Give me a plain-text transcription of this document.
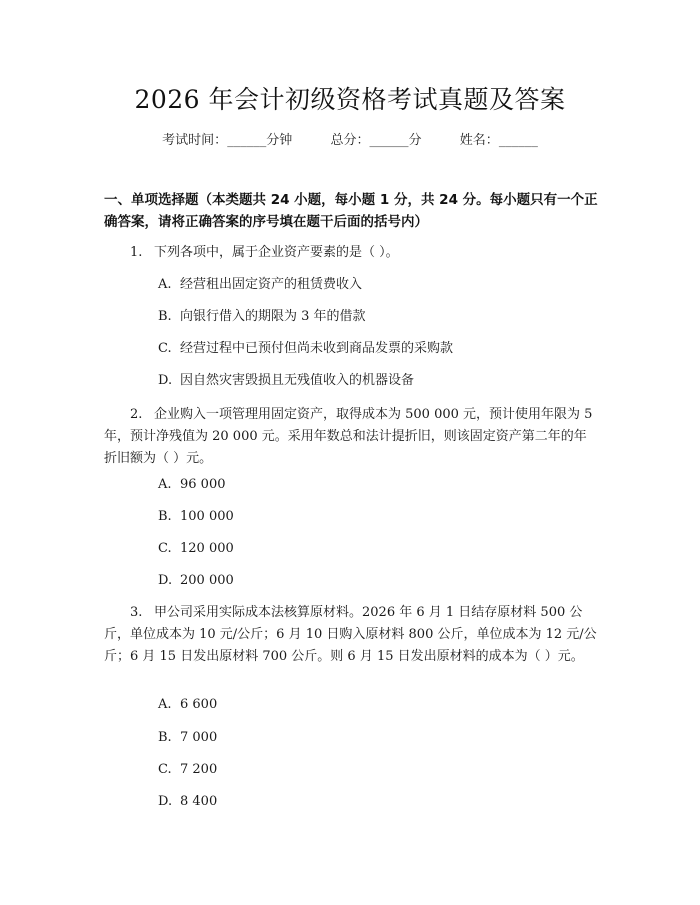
2026 年会计初级资格考试真题及答案
考试时间：______分钟	总分：______分	姓名：______
一、单项选择题（本类题共 24 小题，每小题 1 分，共 24 分。每小题只有一个正确答案，请将正确答案的序号填在题干后面的括号内）
1. 下列各项中，属于企业资产要素的是（ ）。
A. 经营租出固定资产的租赁费收入
B. 向银行借入的期限为 3 年的借款
C. 经营过程中已预付但尚未收到商品发票的采购款
D. 因自然灾害毁损且无残值收入的机器设备
2. 企业购入一项管理用固定资产，取得成本为 500 000 元，预计使用年限为 5 年，预计净残值为 20 000 元。采用年数总和法计提折旧，则该固定资产第二年的年折旧额为（ ）元。
A. 96 000
B. 100 000
C. 120 000
D. 200 000
3. 甲公司采用实际成本法核算原材料。2026 年 6 月 1 日结存原材料 500 公斤，单位成本为 10 元/公斤；6 月 10 日购入原材料 800 公斤，单位成本为 12 元/公斤；6 月 15 日发出原材料 700 公斤。则 6 月 15 日发出原材料的成本为（ ）元。
A. 6 600
B. 7 000
C. 7 200
D. 8 400
